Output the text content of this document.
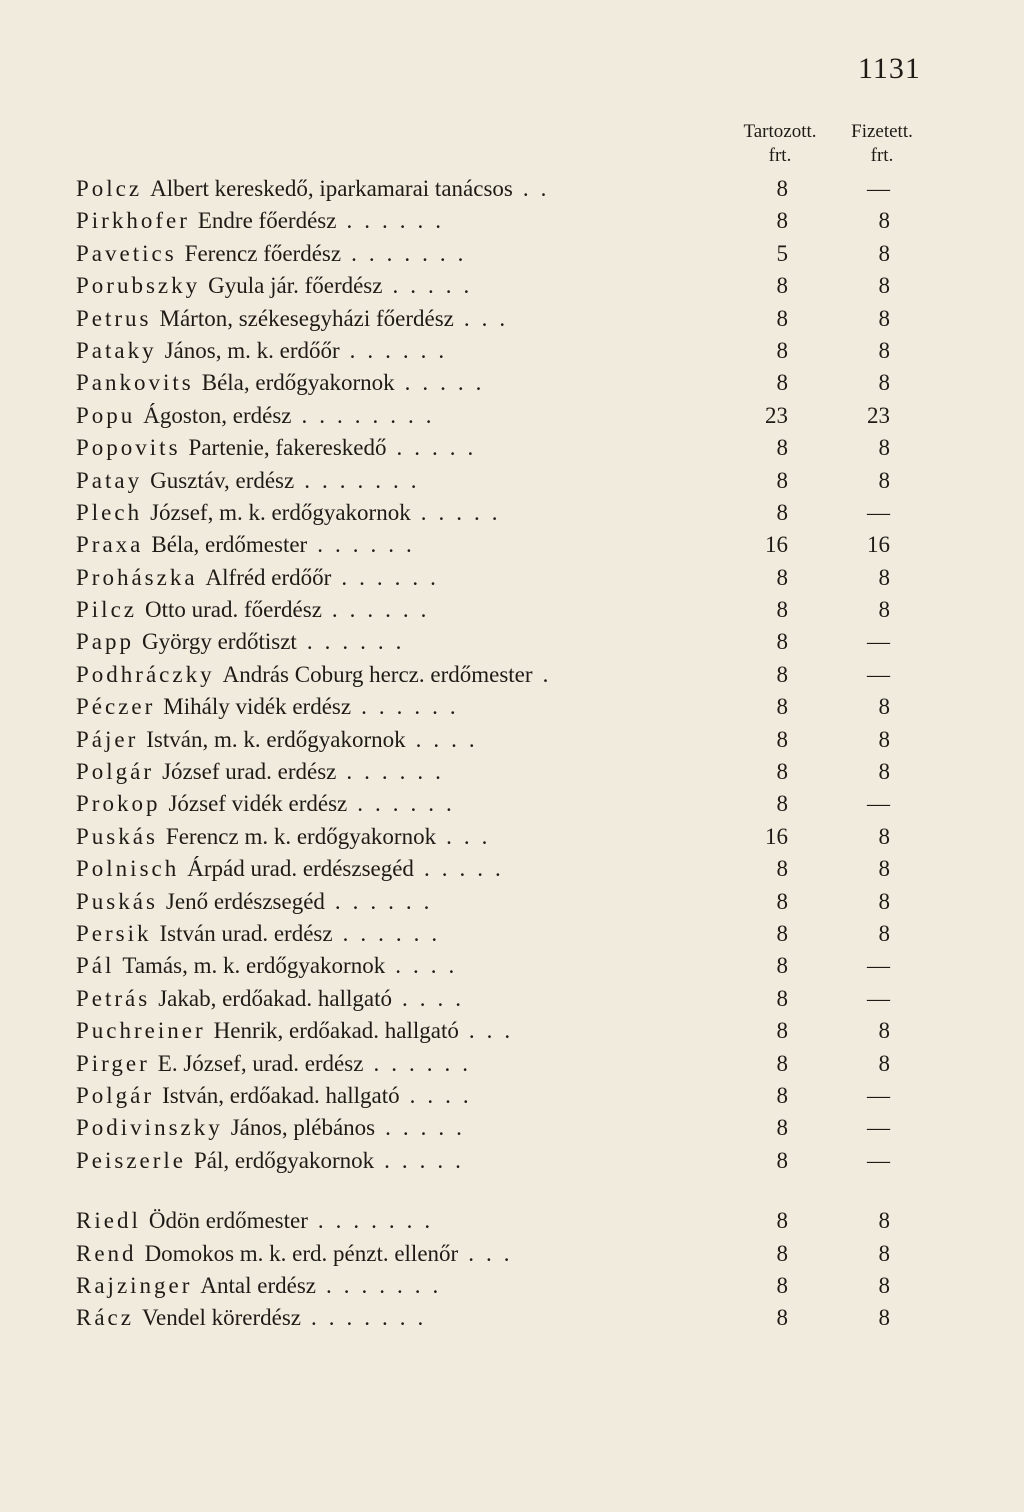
1131
Tartozott.
frt.
Fizetett.
frt.
Polcz Albert kereskedő, iparkamarai tanácsos ..	8	—
Pirkhofer Endre főerdész ......	8	8
Pavetics Ferencz főerdész .......	5	8
Porubszky Gyula jár. főerdész .....	8	8
Petrus Márton, székesegyházi főerdész ...	8	8
Pataky János, m. k. erdőőr ......	8	8
Pankovits Béla, erdőgyakornok .....	8	8
Popu Ágoston, erdész ........	23	23
Popovits Partenie, fakereskedő .....	8	8
Patay Gusztáv, erdész .......	8	8
Plech József, m. k. erdőgyakornok .....	8	—
Praxa Béla, erdőmester ......	16	16
Prohászka Alfréd erdőőr ......	8	8
Pilcz Otto urad. főerdész ......	8	8
Papp György erdőtiszt ......	8	—
Podhráczky András Coburg hercz. erdőmester .	8	—
Péczer Mihály vidék erdész ......	8	8
Pájer István, m. k. erdőgyakornok ....	8	8
Polgár József urad. erdész ......	8	8
Prokop József vidék erdész ......	8	—
Puskás Ferencz m. k. erdőgyakornok ...	16	8
Polnisch Árpád urad. erdészsegéd .....	8	8
Puskás Jenő erdészsegéd ......	8	8
Persik István urad. erdész ......	8	8
Pál Tamás, m. k. erdőgyakornok ....	8	—
Petrás Jakab, erdőakad. hallgató ....	8	—
Puchreiner Henrik, erdőakad. hallgató ...	8	8
Pirger E. József, urad. erdész ......	8	8
Polgár István, erdőakad. hallgató ....	8	—
Podivinszky János, plébános .....	8	—
Peiszerle Pál, erdőgyakornok .....	8	—
Riedl Ödön erdőmester .......	8	8
Rend Domokos m. k. erd. pénzt. ellenőr ...	8	8
Rajzinger Antal erdész .......	8	8
Rácz Vendel körerdész .......	8	8
